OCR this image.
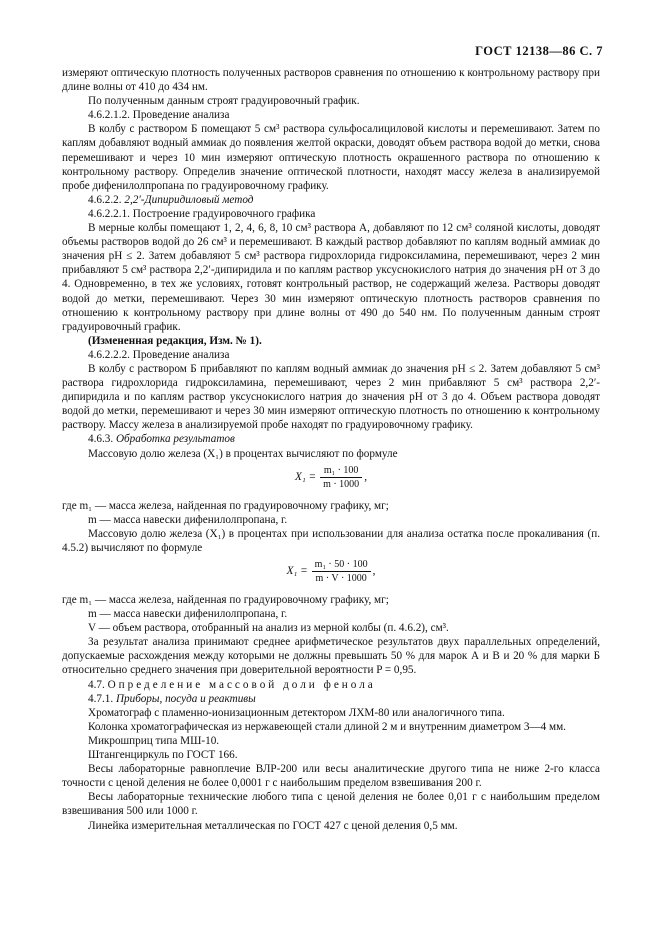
ГОСТ 12138—86 С. 7

измеряют оптическую плотность полученных растворов сравнения по отношению к контрольному раствору при длине волны от 410 до 434 нм.

По полученным данным строят градуировочный график.

4.6.2.1.2. Проведение анализа

В колбу с раствором Б помещают 5 см³ раствора сульфосалициловой кислоты и перемешивают. Затем по каплям добавляют водный аммиак до появления желтой окраски, доводят объем раствора водой до метки, снова перемешивают и через 10 мин измеряют оптическую плотность окрашенного раствора по отношению к контрольному раствору. Определив значение оптической плотности, находят массу железа в анализируемой пробе дифенилолпропана по градуировочному графику.

4.6.2.2. 2,2′-Дипиридиловый метод

4.6.2.2.1. Построение градуировочного графика

В мерные колбы помещают 1, 2, 4, 6, 8, 10 см³ раствора А, добавляют по 12 см³ соляной кислоты, доводят объемы растворов водой до 26 см³ и перемешивают. В каждый раствор добавляют по каплям водный аммиак до значения pH ≤ 2. Затем добавляют 5 см³ раствора гидрохлорида гидроксиламина, перемешивают, через 2 мин прибавляют 5 см³ раствора 2,2′-дипиридила и по каплям раствор уксуснокислого натрия до значения pH от 3 до 4. Одновременно, в тех же условиях, готовят контрольный раствор, не содержащий железа. Растворы доводят водой до метки, перемешивают. Через 30 мин измеряют оптическую плотность растворов сравнения по отношению к контрольному раствору при длине волны от 490 до 540 нм. По полученным данным строят градуировочный график.

(Измененная редакция, Изм. № 1).

4.6.2.2.2. Проведение анализа

В колбу с раствором Б прибавляют по каплям водный аммиак до значения pH ≤ 2. Затем добавляют 5 см³ раствора гидрохлорида гидроксиламина, перемешивают, через 2 мин прибавляют 5 см³ раствора 2,2′-дипиридила и по каплям раствор уксуснокислого натрия до значения pH от 3 до 4. Объем раствора доводят водой до метки, перемешивают и через 30 мин измеряют оптическую плотность по отношению к контрольному раствору. Массу железа в анализируемой пробе находят по градуировочному графику.

4.6.3. Обработка результатов

Массовую долю железа (X₁) в процентах вычисляют по формуле

$X_1 = \frac{\text{m₁ · 100}}{m \cdot 1000}$ ,

где m₁ — масса железа, найденная по градуировочному графику, мг;

m — масса навески дифенилолпропана, г.

Массовую долю железа (X₁) в процентах при использовании для анализа остатка после прокаливания (п. 4.5.2) вычисляют по формуле

$X_1 = \frac{\text{m₁ · 50 · 100}}{m \cdot V \cdot 1000}$ ,

где m₁ — масса железа, найденная по градуировочному графику, мг;

m — масса навески дифенилолпропана, г.

V — объем раствора, отобранный на анализ из мерной колбы (п. 4.6.2), см³.

За результат анализа принимают среднее арифметическое результатов двух параллельных определений, допускаемые расхождения между которыми не должны превышать 50 % для марок А и В и 20 % для марки Б относительно среднего значения при доверительной вероятности P = 0,95.

4.7. Определение массовой доли фенола

4.7.1. Приборы, посуда и реактивы

Хроматограф с пламенно-ионизационным детектором ЛХМ-80 или аналогичного типа.

Колонка хроматографическая из нержавеющей стали длиной 2 м и внутренним диаметром 3—4 мм.

Микрошприц типа МШ-10.

Штангенциркуль по ГОСТ 166.

Весы лабораторные равноплечие ВЛР-200 или весы аналитические другого типа не ниже 2-го класса точности с ценой деления не более 0,0001 г с наибольшим пределом взвешивания 200 г.

Весы лабораторные технические любого типа с ценой деления не более 0,01 г с наибольшим пределом взвешивания 500 или 1000 г.

Линейка измерительная металлическая по ГОСТ 427 с ценой деления 0,5 мм.
